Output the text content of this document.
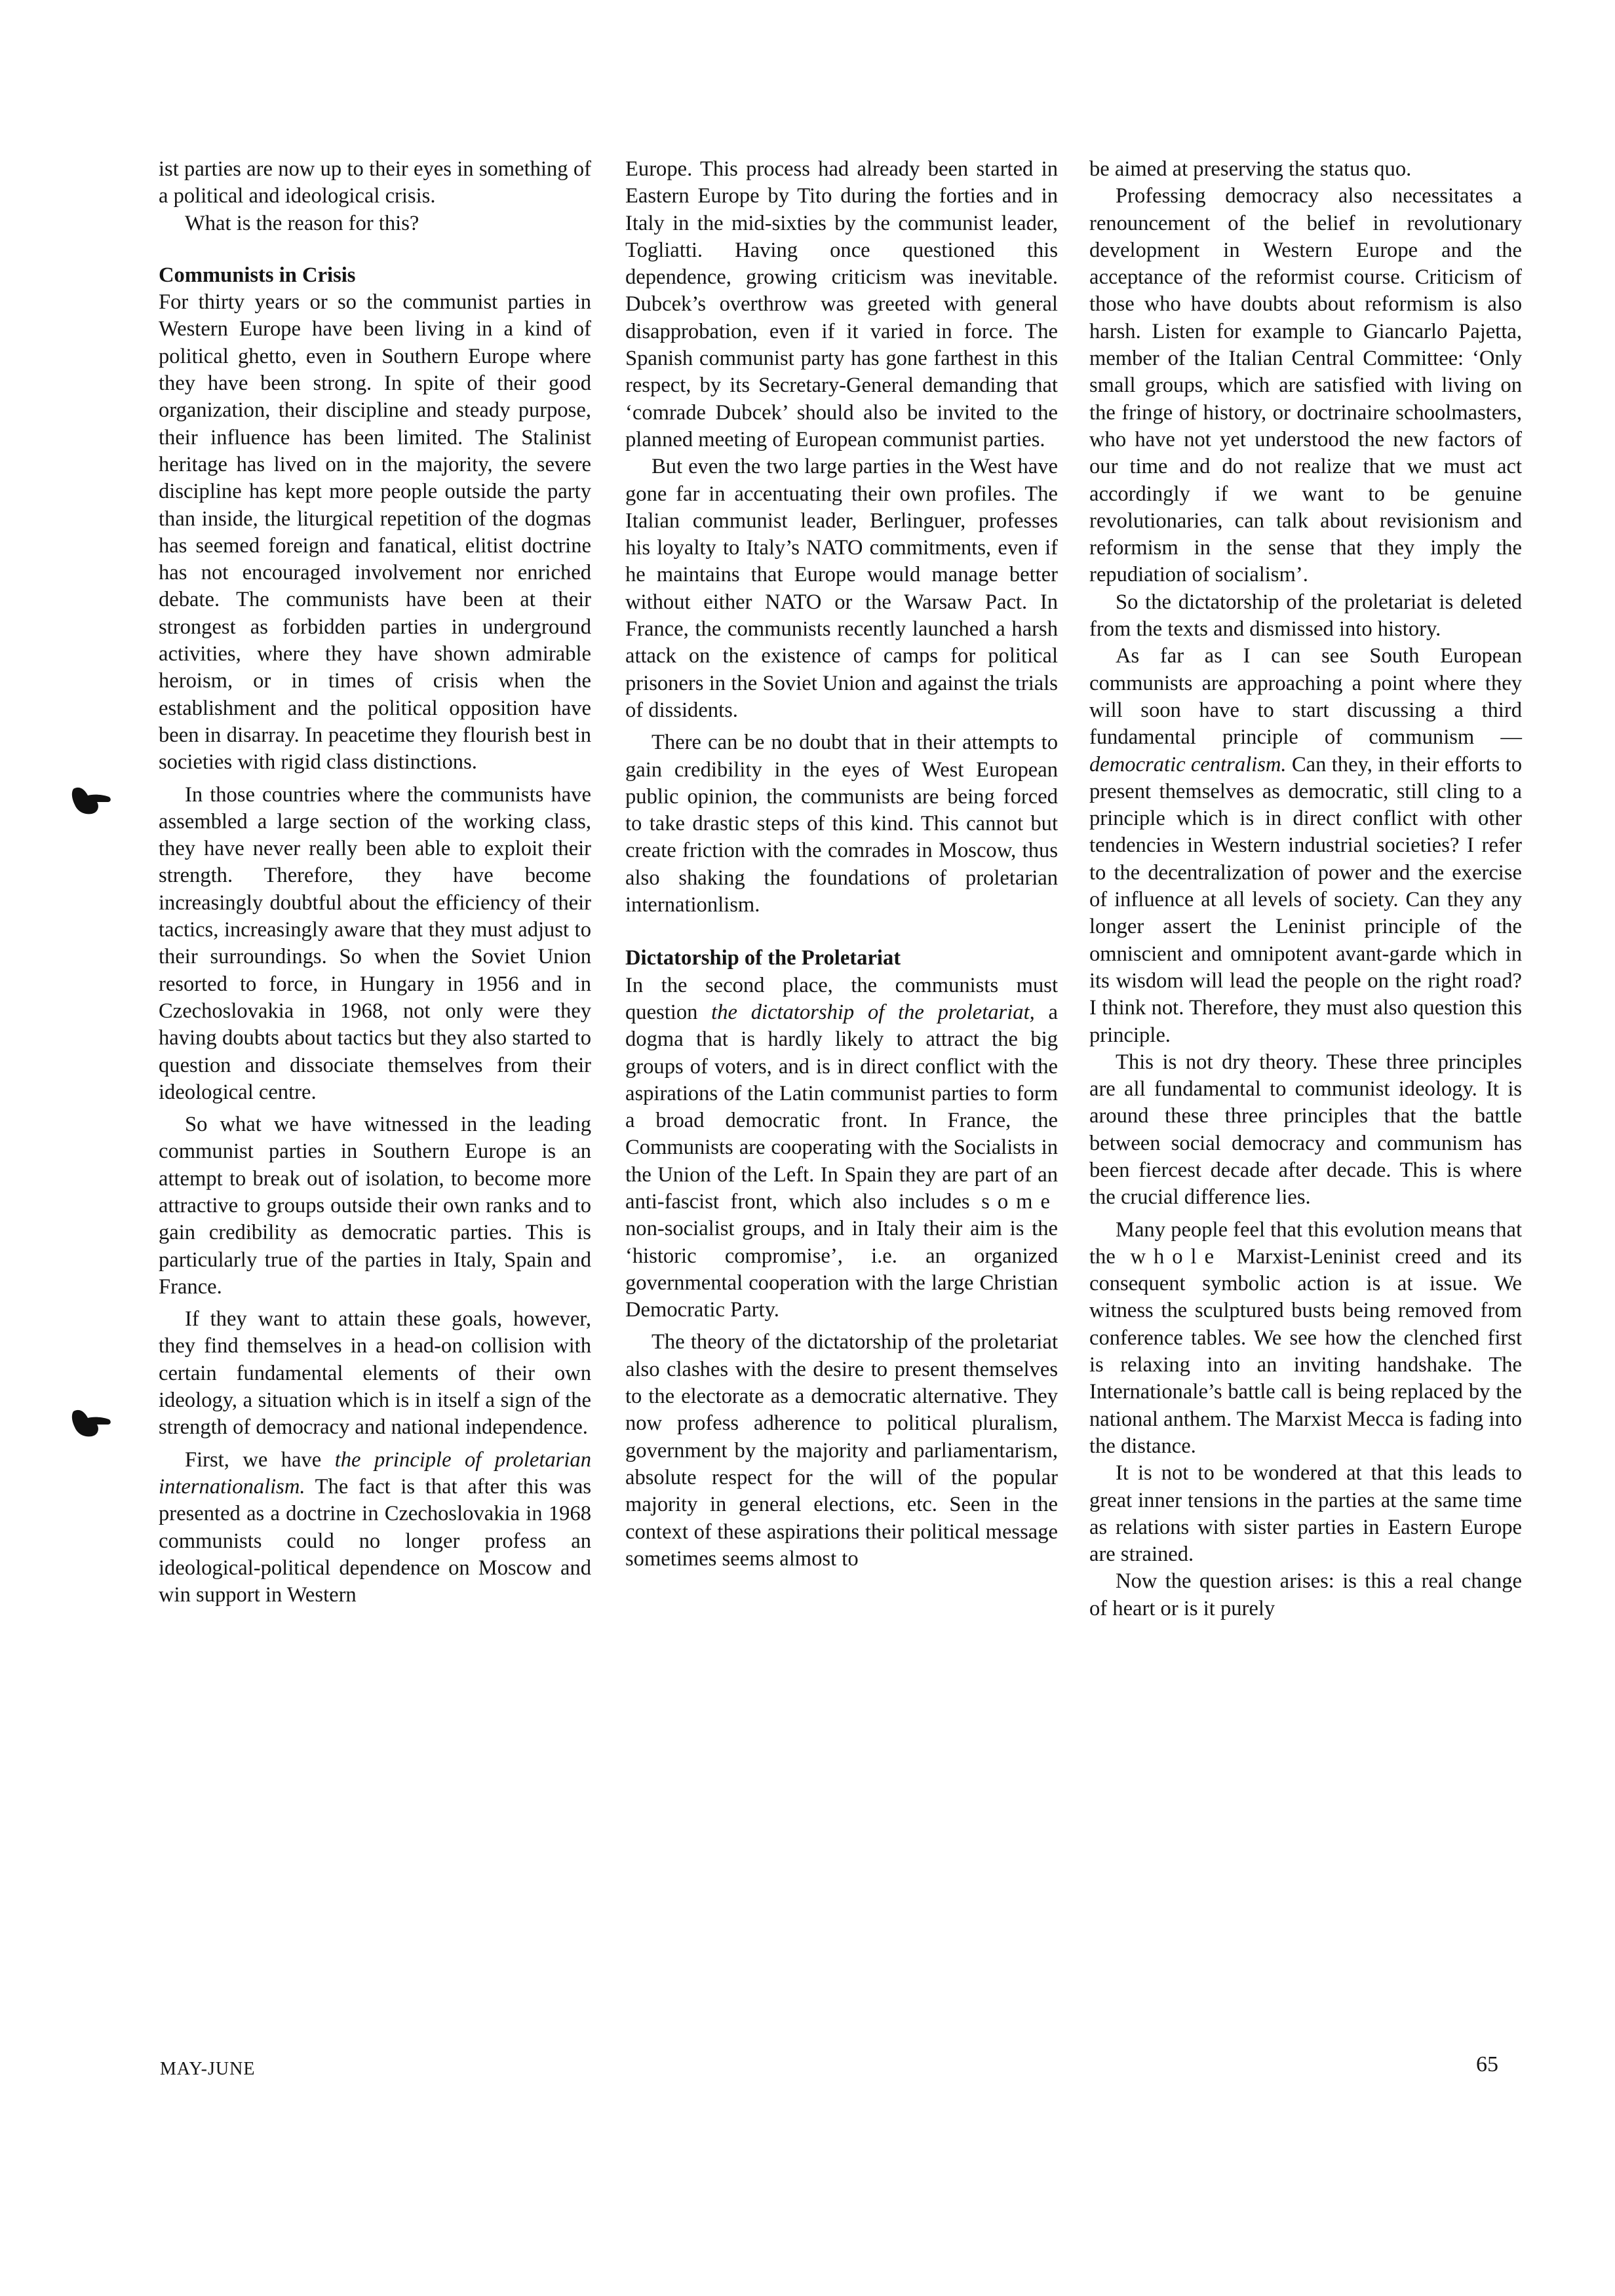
ist parties are now up to their eyes in something of a political and ideological crisis.

What is the reason for this?

Communists in Crisis

For thirty years or so the communist parties in Western Europe have been living in a kind of political ghetto, even in Southern Europe where they have been strong. In spite of their good organization, their discipline and steady purpose, their influence has been limited. The Stalinist heritage has lived on in the majority, the severe discipline has kept more people outside the party than inside, the liturgical repetition of the dogmas has seemed foreign and fanatical, elitist doctrine has not encouraged involvement nor enriched debate. The communists have been at their strongest as forbidden parties in underground activities, where they have shown admirable heroism, or in times of crisis when the establishment and the political opposition have been in disarray. In peacetime they flourish best in societies with rigid class distinctions.

In those countries where the communists have assembled a large section of the working class, they have never really been able to exploit their strength. Therefore, they have become increasingly doubtful about the efficiency of their tactics, increasingly aware that they must adjust to their surroundings. So when the Soviet Union resorted to force, in Hungary in 1956 and in Czechoslovakia in 1968, not only were they having doubts about tactics but they also started to question and dissociate themselves from their ideological centre.

So what we have witnessed in the leading communist parties in Southern Europe is an attempt to break out of isolation, to become more attractive to groups outside their own ranks and to gain credibility as democratic parties. This is particularly true of the parties in Italy, Spain and France.

If they want to attain these goals, however, they find themselves in a head-on collision with certain fundamental elements of their own ideology, a situation which is in itself a sign of the strength of democracy and national independence.

First, we have the principle of proletarian internationalism. The fact is that after this was presented as a doctrine in Czechoslovakia in 1968 communists could no longer profess an ideological-political dependence on Moscow and win support in Western

Europe. This process had already been started in Eastern Europe by Tito during the forties and in Italy in the mid-sixties by the communist leader, Togliatti. Having once questioned this dependence, growing criticism was inevitable. Dubcek’s overthrow was greeted with general disapprobation, even if it varied in force. The Spanish communist party has gone farthest in this respect, by its Secretary-General demanding that ‘comrade Dubcek’ should also be invited to the planned meeting of European communist parties.

But even the two large parties in the West have gone far in accentuating their own profiles. The Italian communist leader, Berlinguer, professes his loyalty to Italy’s NATO commitments, even if he maintains that Europe would manage better without either NATO or the Warsaw Pact. In France, the communists recently launched a harsh attack on the existence of camps for political prisoners in the Soviet Union and against the trials of dissidents.

There can be no doubt that in their attempts to gain credibility in the eyes of West European public opinion, the communists are being forced to take drastic steps of this kind. This cannot but create friction with the comrades in Moscow, thus also shaking the foundations of proletarian internationlism.

Dictatorship of the Proletariat

In the second place, the communists must question the dictatorship of the proletariat, a dogma that is hardly likely to attract the big groups of voters, and is in direct conflict with the aspirations of the Latin communist parties to form a broad democratic front. In France, the Communists are cooperating with the Socialists in the Union of the Left. In Spain they are part of an anti-fascist front, which also includes some non-socialist groups, and in Italy their aim is the ‘historic compromise’, i.e. an organized governmental cooperation with the large Christian Democratic Party.

The theory of the dictatorship of the proletariat also clashes with the desire to present themselves to the electorate as a democratic alternative. They now profess adherence to political pluralism, government by the majority and parliamentarism, absolute respect for the will of the popular majority in general elections, etc. Seen in the context of these aspirations their political message sometimes seems almost to

be aimed at preserving the status quo.

Professing democracy also necessitates a renouncement of the belief in revolutionary development in Western Europe and the acceptance of the reformist course. Criticism of those who have doubts about reformism is also harsh. Listen for example to Giancarlo Pajetta, member of the Italian Central Committee: ‘Only small groups, which are satisfied with living on the fringe of history, or doctrinaire schoolmasters, who have not yet understood the new factors of our time and do not realize that we must act accordingly if we want to be genuine revolutionaries, can talk about revisionism and reformism in the sense that they imply the repudiation of socialism’.

So the dictatorship of the proletariat is deleted from the texts and dismissed into history.

As far as I can see South European communists are approaching a point where they will soon have to start discussing a third fundamental principle of communism — democratic centralism. Can they, in their efforts to present themselves as democratic, still cling to a principle which is in direct conflict with other tendencies in Western industrial societies? I refer to the decentralization of power and the exercise of influence at all levels of society. Can they any longer assert the Leninist principle of the omniscient and omnipotent avant-garde which in its wisdom will lead the people on the right road? I think not. Therefore, they must also question this principle.

This is not dry theory. These three principles are all fundamental to communist ideology. It is around these three principles that the battle between social democracy and communism has been fiercest decade after decade. This is where the crucial difference lies.

Many people feel that this evolution means that the whole Marxist-Leninist creed and its consequent symbolic action is at issue. We witness the sculptured busts being removed from conference tables. We see how the clenched first is relaxing into an inviting handshake. The Internationale’s battle call is being replaced by the national anthem. The Marxist Mecca is fading into the distance.

It is not to be wondered at that this leads to great inner tensions in the parties at the same time as relations with sister parties in Eastern Europe are strained.

Now the question arises: is this a real change of heart or is it purely

MAY-JUNE	65
